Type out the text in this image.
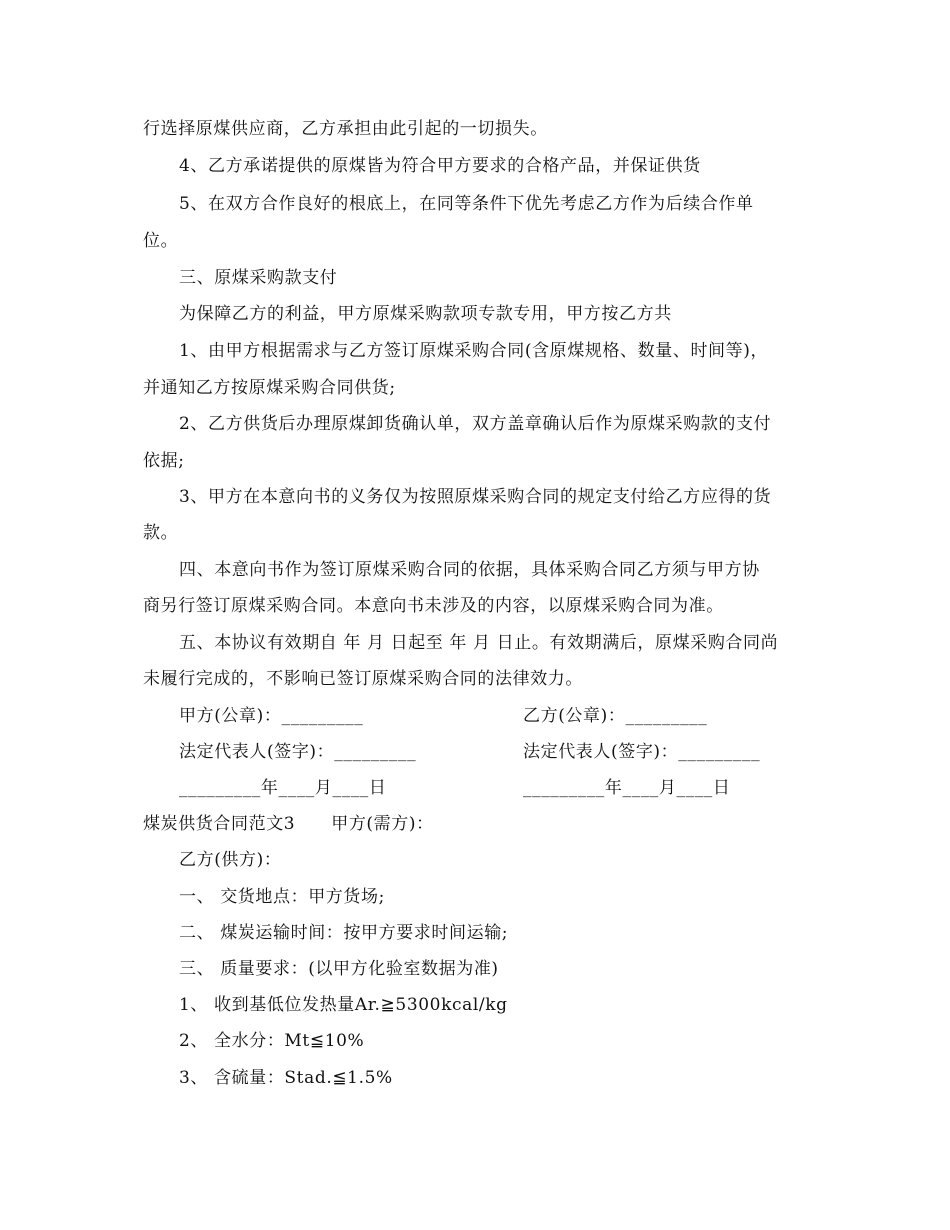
行选择原煤供应商，乙方承担由此引起的一切损失。
4、乙方承诺提供的原煤皆为符合甲方要求的合格产品，并保证供货
5、在双方合作良好的根底上，在同等条件下优先考虑乙方作为后续合作单
位。
三、原煤采购款支付
为保障乙方的利益，甲方原煤采购款项专款专用，甲方按乙方共
1、由甲方根据需求与乙方签订原煤采购合同(含原煤规格、数量、时间等)，
并通知乙方按原煤采购合同供货;
2、乙方供货后办理原煤卸货确认单，双方盖章确认后作为原煤采购款的支付
依据;
3、甲方在本意向书的义务仅为按照原煤采购合同的规定支付给乙方应得的货
款。
四、本意向书作为签订原煤采购合同的依据，具体采购合同乙方须与甲方协
商另行签订原煤采购合同。本意向书未涉及的内容，以原煤采购合同为准。
五、本协议有效期自 年 月 日起至 年 月 日止。有效期满后，原煤采购合同尚
未履行完成的，不影响已签订原煤采购合同的法律效力。
甲方(公章)：_________	乙方(公章)：_________
法定代表人(签字)：_________	法定代表人(签字)：_________
_________年____月____日	_________年____月____日
煤炭供货合同范文3 甲方(需方)：
乙方(供方)：
一、 交货地点：甲方货场;
二、 煤炭运输时间：按甲方要求时间运输;
三、 质量要求：(以甲方化验室数据为准)
1、 收到基低位发热量Ar.≧5300kcal/kg
2、 全水分：Mt≦10%
3、 含硫量：Stad.≦1.5%
